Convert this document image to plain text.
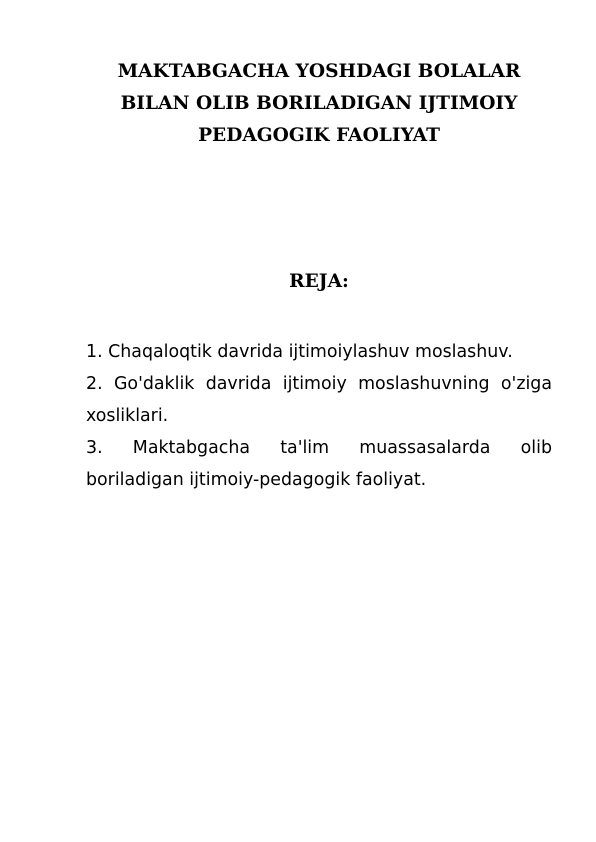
MAKTABGACHA YOSHDAGI BOLALAR
BILAN OLIB BORILADIGAN IJTIMOIY
PEDAGOGIK FAOLIYAT
REJA:
1. Chaqaloqtik davrida ijtimoiylashuv moslashuv.
2. Go'daklik davrida ijtimoiy moslashuvning o'ziga xosliklari.
3. Maktabgacha ta'lim muassasalarda olib boriladigan ijtimoiy-pedagogik faoliyat.
